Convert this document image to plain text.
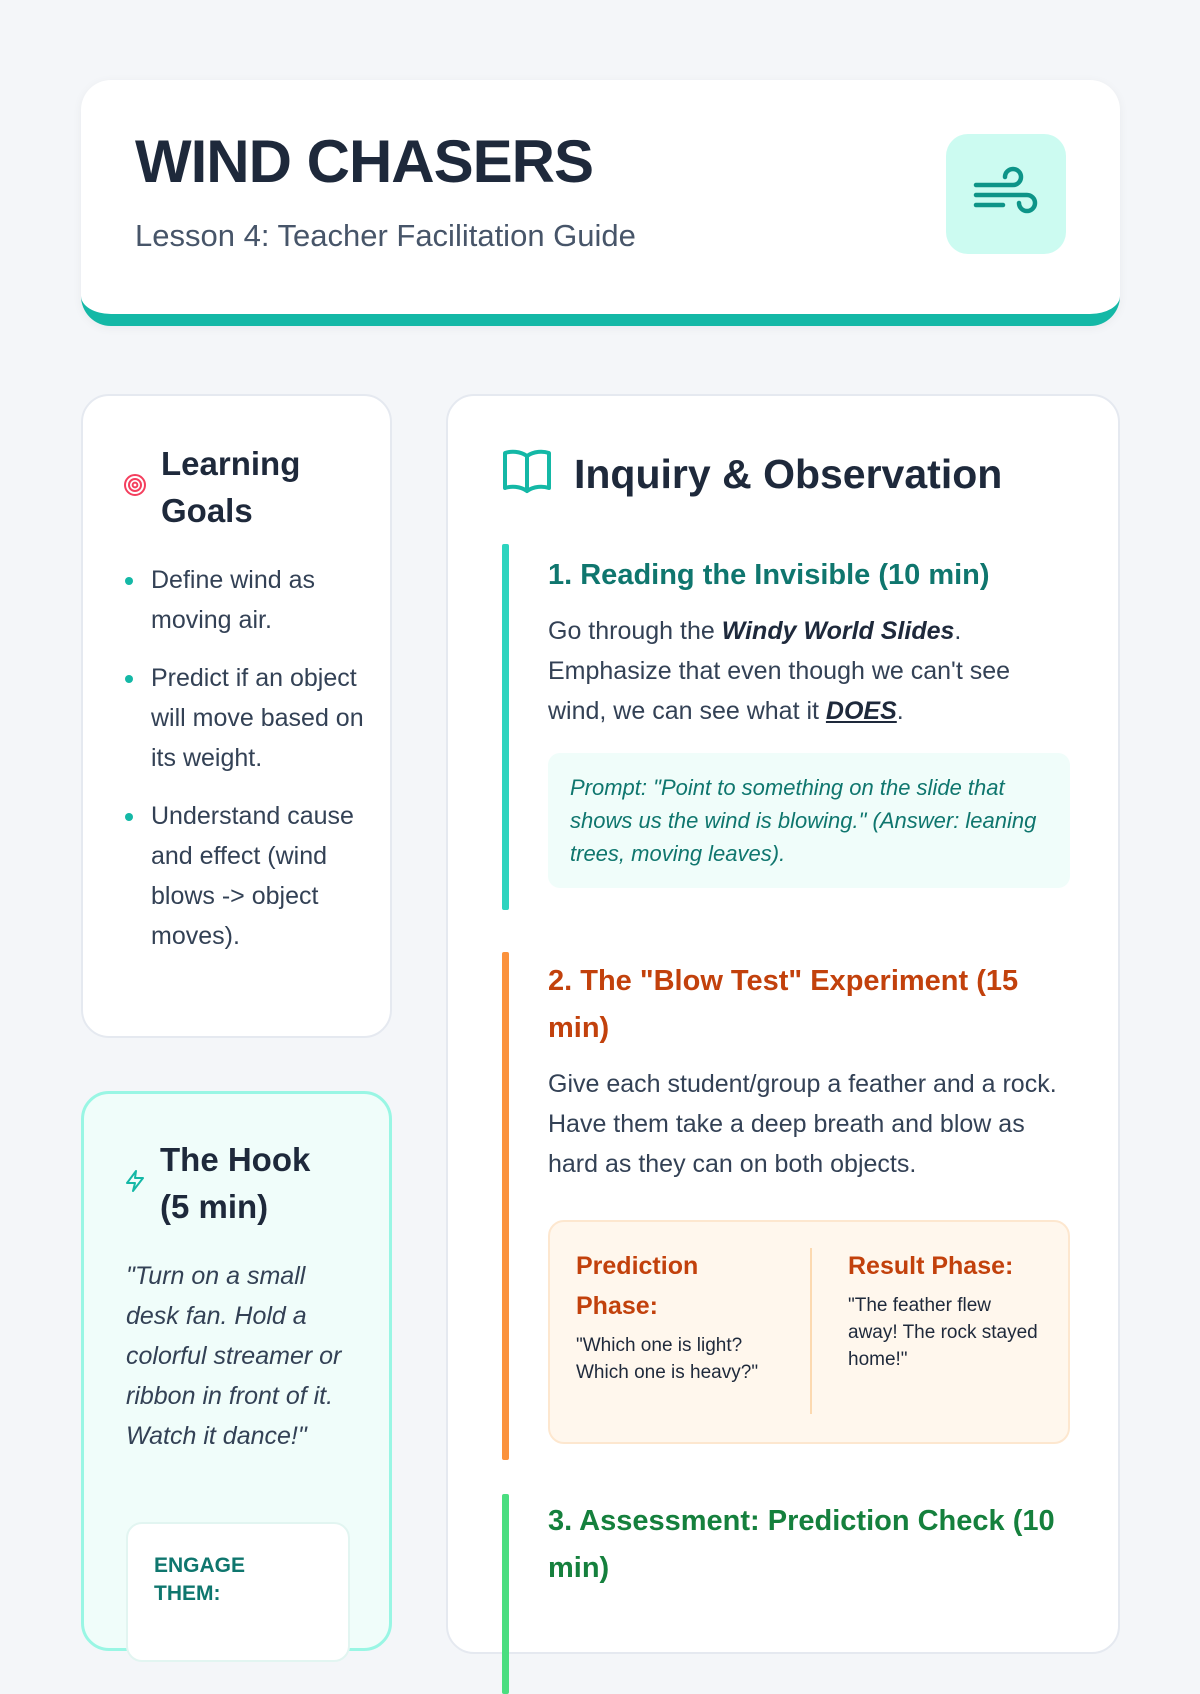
WIND CHASERS

Lesson 4: Teacher Facilitation Guide

Learning Goals
Define wind as moving air.
Predict if an object will move based on its weight.
Understand cause and effect (wind blows -> object moves).
The Hook (5 min)

"Turn on a small desk fan. Hold a colorful streamer or ribbon in front of it. Watch it dance!"

ENGAGE THEM:
Inquiry & Observation
1. Reading the Invisible (10 min)

Go through the Windy World Slides. Emphasize that even though we can't see wind, we can see what it DOES.

Prompt: "Point to something on the slide that shows us the wind is blowing." (Answer: leaning trees, moving leaves).
2. The "Blow Test" Experiment (15 min)

Give each student/group a feather and a rock. Have them take a deep breath and blow as hard as they can on both objects.

Prediction Phase:

"Which one is light? Which one is heavy?"

Result Phase:

"The feather flew away! The rock stayed home!"

3. Assessment: Prediction Check (10 min)
